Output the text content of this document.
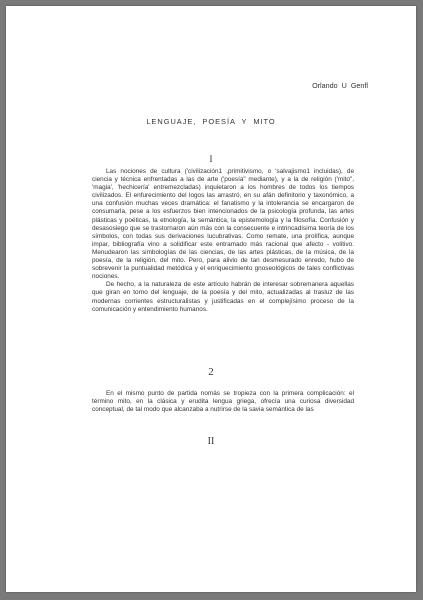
Orlando U Genfl
LENGUAJE, POESÍA Y MITO
I

Las nociones de cultura ('civilización1 ,primitivismo, o 'salvajismo1 incluidas), de ciencia y técnica enfrentadas a las de arte ('poesía" mediante), y a la de religión ('mito", 'magia', 'hechicería' entremezcladas) inquietaron a los hombres de todos los tiempos civilizados. El enfurecimiento del logos las arrastró, en su afán definitorio y taxonómico, a una confusión muchas veces dramática: el fanatismo y la intolerancia se encargaron de consumarla, pese a los esfuerzos bien intencionados de la psicología profunda, las artes plásticas y poéticas, la etnología, la semántica, la epistemología y la filosofía. Confusión y desasosiego que se trastornaron aún más con la consecuente e intrincadísima teoría de los símbolos, con todas sus derivaciones lucubrativas. Como remate, una prolífica, aunque impar, bibliografía vino a solidificar este entramado más racional que afecto - volitivo. Menudearon las simbologías de las ciencias, de las artes plásticas, de la música, de la poesía, de la religión, del mito. Pero, para alivio de tan desmesurado enredo, hubo de sobrevenir la puntualidad metódica y el enriquecimiento gnoseológicos de tales conflictivas nociones.

De hecho, a la naturaleza de este artículo habrán de interesar sobremanera aquellas que giran en torno del lenguaje, de la poesía y del mito, actualizadas al trasluz de las modernas corrientes estructuralistas y justificadas en el complejísimo proceso de la comunicación y entendimiento humanos.

2

En el mismo punto de partida nomás se tropieza con la primera complicación: el término mito, en la clásica y erudita lengua griega, ofrecía una curiosa diversidad conceptual, de tal modo que alcanzaba a nutrirse de la savia semántica de las

II
